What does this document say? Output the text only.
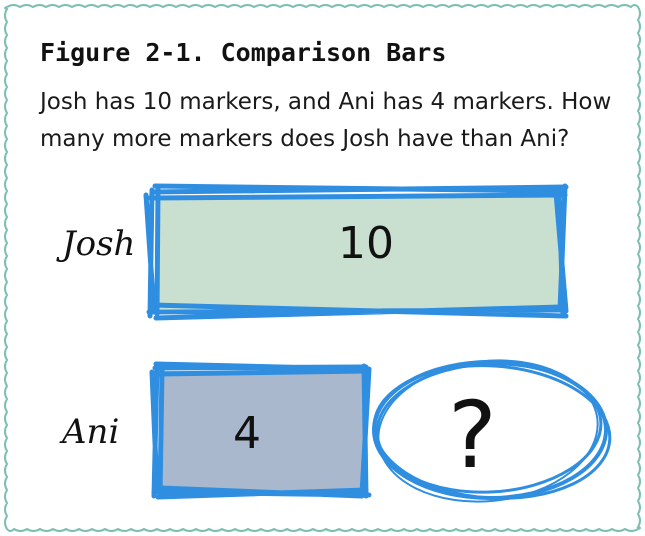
Figure 2-1. Comparison Bars
Josh has 10 markers, and Ani has 4 markers. How many more markers does Josh have than Ani?
Josh	10
Ani	4 ?
